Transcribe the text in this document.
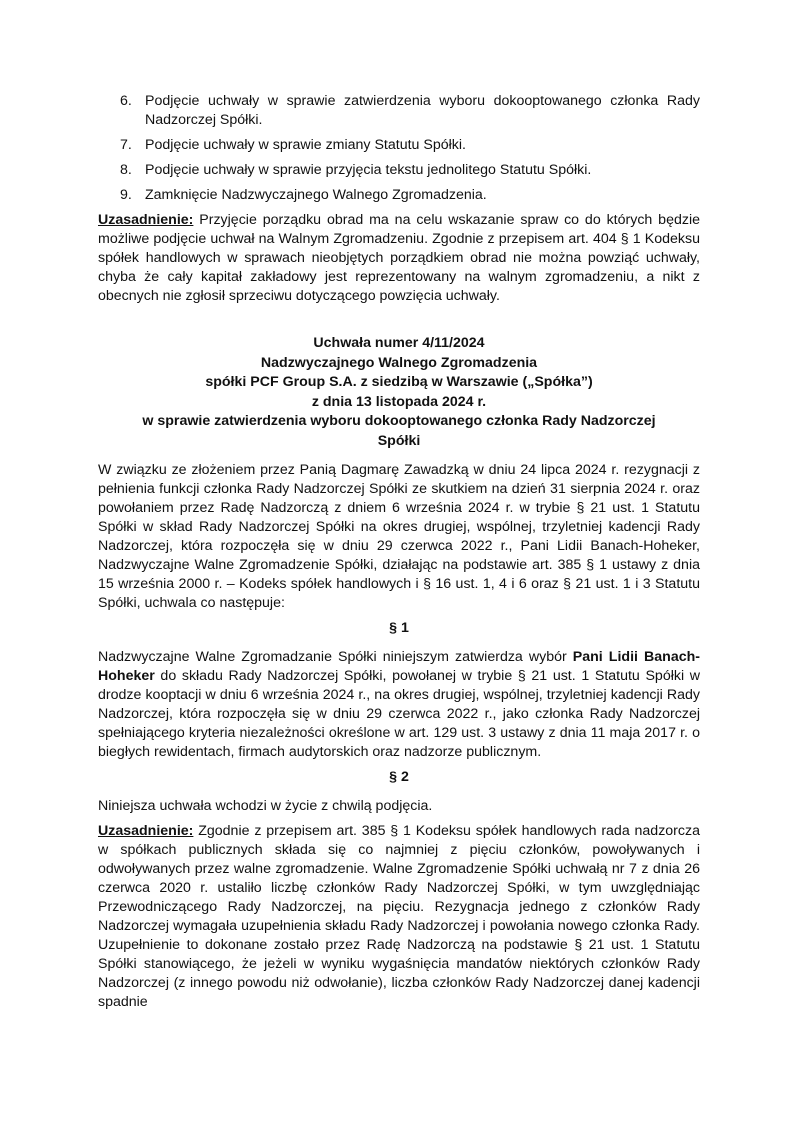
6. Podjęcie uchwały w sprawie zatwierdzenia wyboru dokooptowanego członka Rady Nadzorczej Spółki.
7. Podjęcie uchwały w sprawie zmiany Statutu Spółki.
8. Podjęcie uchwały w sprawie przyjęcia tekstu jednolitego Statutu Spółki.
9. Zamknięcie Nadzwyczajnego Walnego Zgromadzenia.

Uzasadnienie: Przyjęcie porządku obrad ma na celu wskazanie spraw co do których będzie możliwe podjęcie uchwał na Walnym Zgromadzeniu. Zgodnie z przepisem art. 404 § 1 Kodeksu spółek handlowych w sprawach nieobjętych porządkiem obrad nie można powziąć uchwały, chyba że cały kapitał zakładowy jest reprezentowany na walnym zgromadzeniu, a nikt z obecnych nie zgłosił sprzeciwu dotyczącego powzięcia uchwały.

Uchwała numer 4/11/2024
Nadzwyczajnego Walnego Zgromadzenia
spółki PCF Group S.A. z siedzibą w Warszawie („Spółka”)
z dnia 13 listopada 2024 r.
w sprawie zatwierdzenia wyboru dokooptowanego członka Rady Nadzorczej
Spółki

W związku ze złożeniem przez Panią Dagmarę Zawadzką w dniu 24 lipca 2024 r. rezygnacji z pełnienia funkcji członka Rady Nadzorczej Spółki ze skutkiem na dzień 31 sierpnia 2024 r. oraz powołaniem przez Radę Nadzorczą z dniem 6 września 2024 r. w trybie § 21 ust. 1 Statutu Spółki w skład Rady Nadzorczej Spółki na okres drugiej, wspólnej, trzyletniej kadencji Rady Nadzorczej, która rozpoczęła się w dniu 29 czerwca 2022 r., Pani Lidii Banach-Hoheker, Nadzwyczajne Walne Zgromadzenie Spółki, działając na podstawie art. 385 § 1 ustawy z dnia 15 września 2000 r. – Kodeks spółek handlowych i § 16 ust. 1, 4 i 6 oraz § 21 ust. 1 i 3 Statutu Spółki, uchwala co następuje:

§ 1

Nadzwyczajne Walne Zgromadzanie Spółki niniejszym zatwierdza wybór Pani Lidii Banach-Hoheker do składu Rady Nadzorczej Spółki, powołanej w trybie § 21 ust. 1 Statutu Spółki w drodze kooptacji w dniu 6 września 2024 r., na okres drugiej, wspólnej, trzyletniej kadencji Rady Nadzorczej, która rozpoczęła się w dniu 29 czerwca 2022 r., jako członka Rady Nadzorczej spełniającego kryteria niezależności określone w art. 129 ust. 3 ustawy z dnia 11 maja 2017 r. o biegłych rewidentach, firmach audytorskich oraz nadzorze publicznym.

§ 2

Niniejsza uchwała wchodzi w życie z chwilą podjęcia.

Uzasadnienie: Zgodnie z przepisem art. 385 § 1 Kodeksu spółek handlowych rada nadzorcza w spółkach publicznych składa się co najmniej z pięciu członków, powoływanych i odwoływanych przez walne zgromadzenie. Walne Zgromadzenie Spółki uchwałą nr 7 z dnia 26 czerwca 2020 r. ustaliło liczbę członków Rady Nadzorczej Spółki, w tym uwzględniając Przewodniczącego Rady Nadzorczej, na pięciu. Rezygnacja jednego z członków Rady Nadzorczej wymagała uzupełnienia składu Rady Nadzorczej i powołania nowego członka Rady. Uzupełnienie to dokonane zostało przez Radę Nadzorczą na podstawie § 21 ust. 1 Statutu Spółki stanowiącego, że jeżeli w wyniku wygaśnięcia mandatów niektórych członków Rady Nadzorczej (z innego powodu niż odwołanie), liczba członków Rady Nadzorczej danej kadencji spadnie
